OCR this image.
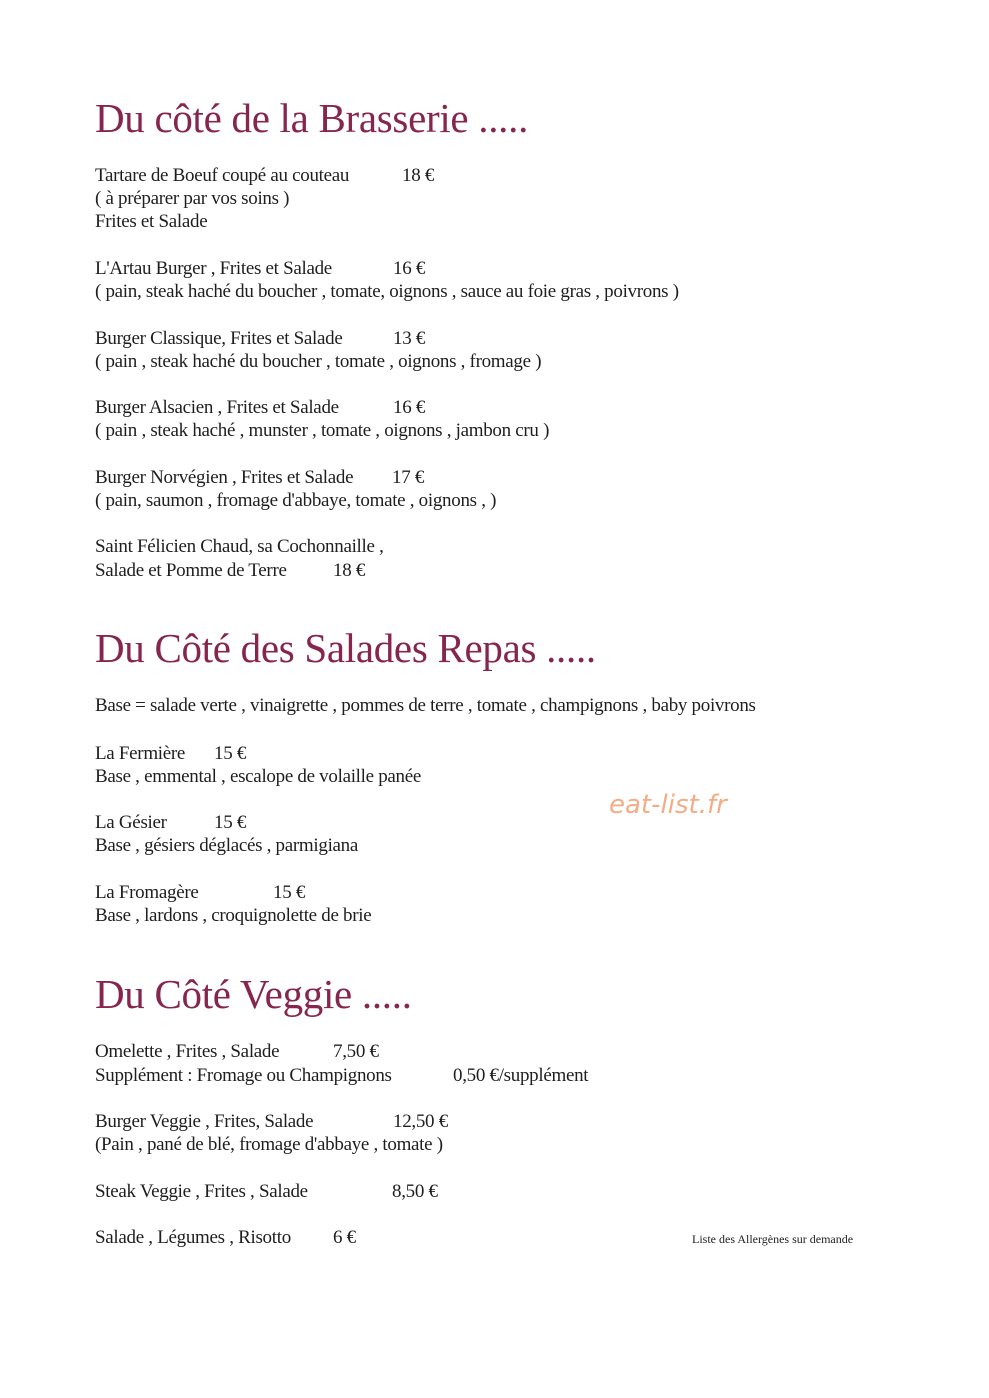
Du côté de la Brasserie .....
Tartare de Boeuf coupé au couteau	18 €
( à préparer par vos soins )
Frites et Salade
L'Artau Burger , Frites et Salade	16 €
( pain, steak haché du boucher , tomate, oignons , sauce au foie gras , poivrons )
Burger Classique, Frites et Salade	13 €
( pain , steak haché du boucher , tomate , oignons , fromage )
Burger Alsacien , Frites et Salade	16 €
( pain , steak haché , munster , tomate , oignons , jambon cru )
Burger Norvégien , Frites et Salade 17 €
( pain, saumon , fromage d'abbaye, tomate , oignons , )
Saint Félicien Chaud, sa Cochonnaille ,
Salade et Pomme de Terre 18 €
Du Côté des Salades Repas .....
Base = salade verte , vinaigrette , pommes de terre , tomate , champignons , baby poivrons
La Fermière 15 €
Base , emmental , escalope de volaille panée
La Gésier 15 €
Base , gésiers déglacés , parmigiana
La Fromagère	15 €
Base , lardons , croquignolette de brie
Du Côté Veggie .....
Omelette , Frites , Salade	7,50 €
Supplément : Fromage ou Champignons	0,50 €/supplément
Burger Veggie , Frites, Salade	12,50 €
(Pain , pané de blé, fromage d'abbaye , tomate )
Steak Veggie , Frites , Salade	8,50 €
Salade , Légumes , Risotto 6 €	Liste des Allergènes sur demande
eat-list.fr
